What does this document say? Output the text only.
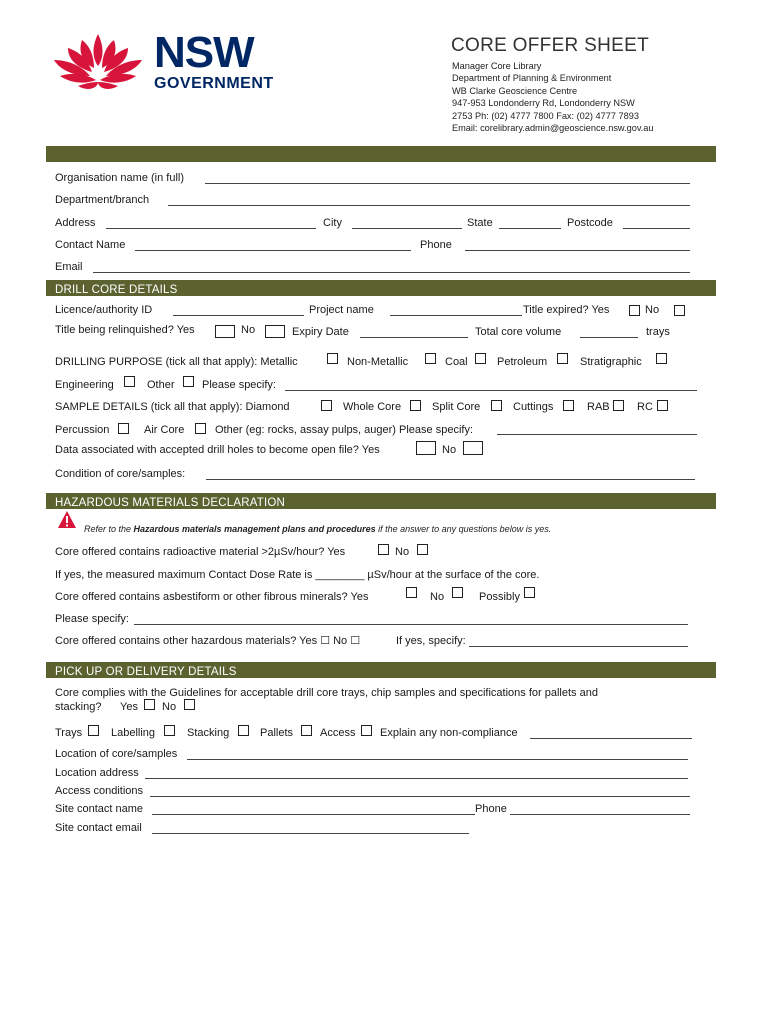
NSW
GOVERNMENT
CORE OFFER SHEET
Manager Core Library
Department of Planning & Environment
WB Clarke Geoscience Centre
947-953 Londonderry Rd, Londonderry NSW
2753 Ph: (02) 4777 7800 Fax: (02) 4777 7893
Email: corelibrary.admin@geoscience.nsw.gov.au
Organisation name (in full)
Department/branch
Address	City	State	Postcode
Contact Name	Phone
Email
DRILL CORE DETAILS
Licence/authority ID	Project name	Title expired? Yes	No
Title being relinquished? Yes	No	Expiry Date	Total core volume	trays
DRILLING PURPOSE (tick all that apply): Metallic	Non-Metallic	Coal	Petroleum	Stratigraphic
Engineering	Other Please specify:
SAMPLE DETAILS (tick all that apply): Diamond	Whole Core	Split Core	Cuttings	RAB RC
Percussion	Air Core	Other (eg: rocks, assay pulps, auger) Please specify:
Data associated with accepted drill holes to become open file? Yes	No
Condition of core/samples:
HAZARDOUS MATERIALS DECLARATION
Refer to the Hazardous materials management plans and procedures if the answer to any questions below is yes.
Core offered contains radioactive material >2µSv/hour? Yes	No
If yes, the measured maximum Contact Dose Rate is ________ µSv/hour at the surface of the core.
Core offered contains asbestiform or other fibrous minerals? Yes	No	Possibly
Please specify:
Core offered contains other hazardous materials? Yes ☐ No ☐	If yes, specify:
PICK UP OR DELIVERY DETAILS
Core complies with the Guidelines for acceptable drill core trays, chip samples and specifications for pallets and
stacking? Yes No
Trays	Labelling	Stacking	Pallets Access Explain any non-compliance
Location of core/samples
Location address
Access conditions
Site contact name	Phone
Site contact email
